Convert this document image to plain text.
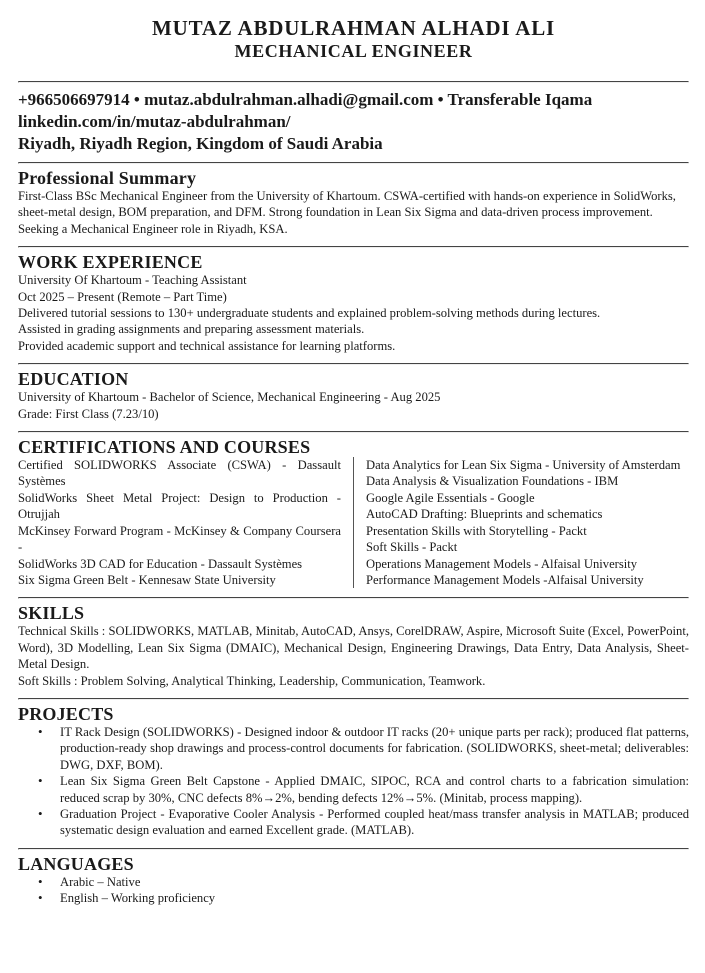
MUTAZ ABDULRAHMAN ALHADI ALI
MECHANICAL ENGINEER
+966506697914 • mutaz.abdulrahman.alhadi@gmail.com • Transferable Iqama
linkedin.com/in/mutaz-abdulrahman/
Riyadh, Riyadh Region, Kingdom of Saudi Arabia
Professional Summary
First-Class BSc Mechanical Engineer from the University of Khartoum. CSWA-certified with hands-on experience in SolidWorks, sheet-metal design, BOM preparation, and DFM. Strong foundation in Lean Six Sigma and data-driven process improvement. Seeking a Mechanical Engineer role in Riyadh, KSA.
WORK EXPERIENCE
University Of Khartoum - Teaching Assistant
Oct 2025 – Present (Remote – Part Time)
Delivered tutorial sessions to 130+ undergraduate students and explained problem-solving methods during lectures.
Assisted in grading assignments and preparing assessment materials.
Provided academic support and technical assistance for learning platforms.
EDUCATION
University of Khartoum - Bachelor of Science, Mechanical Engineering - Aug 2025
Grade: First Class (7.23/10)
CERTIFICATIONS AND COURSES
Certified SOLIDWORKS Associate (CSWA) - Dassault Systèmes
SolidWorks Sheet Metal Project: Design to Production - Otrujjah
McKinsey Forward Program - McKinsey & Company Coursera -
SolidWorks 3D CAD for Education - Dassault Systèmes
Six Sigma Green Belt - Kennesaw State University
Data Analytics for Lean Six Sigma - University of Amsterdam
Data Analysis & Visualization Foundations - IBM
Google Agile Essentials - Google
AutoCAD Drafting: Blueprints and schematics
Presentation Skills with Storytelling - Packt
Soft Skills - Packt
Operations Management Models - Alfaisal University
Performance Management Models -Alfaisal University
SKILLS
Technical Skills : SOLIDWORKS, MATLAB, Minitab, AutoCAD, Ansys, CorelDRAW, Aspire, Microsoft Suite (Excel, PowerPoint, Word), 3D Modelling, Lean Six Sigma (DMAIC), Mechanical Design, Engineering Drawings, Data Entry, Data Analysis, Sheet-Metal Design.
Soft Skills : Problem Solving, Analytical Thinking, Leadership, Communication, Teamwork.
PROJECTS
• IT Rack Design (SOLIDWORKS) - Designed indoor & outdoor IT racks (20+ unique parts per rack); produced flat patterns, production-ready shop drawings and process-control documents for fabrication. (SOLIDWORKS, sheet-metal; deliverables: DWG, DXF, BOM).
• Lean Six Sigma Green Belt Capstone - Applied DMAIC, SIPOC, RCA and control charts to a fabrication simulation: reduced scrap by 30%, CNC defects 8%→2%, bending defects 12%→5%. (Minitab, process mapping).
• Graduation Project - Evaporative Cooler Analysis - Performed coupled heat/mass transfer analysis in MATLAB; produced systematic design evaluation and earned Excellent grade. (MATLAB).
LANGUAGES
• Arabic – Native
• English – Working proficiency
